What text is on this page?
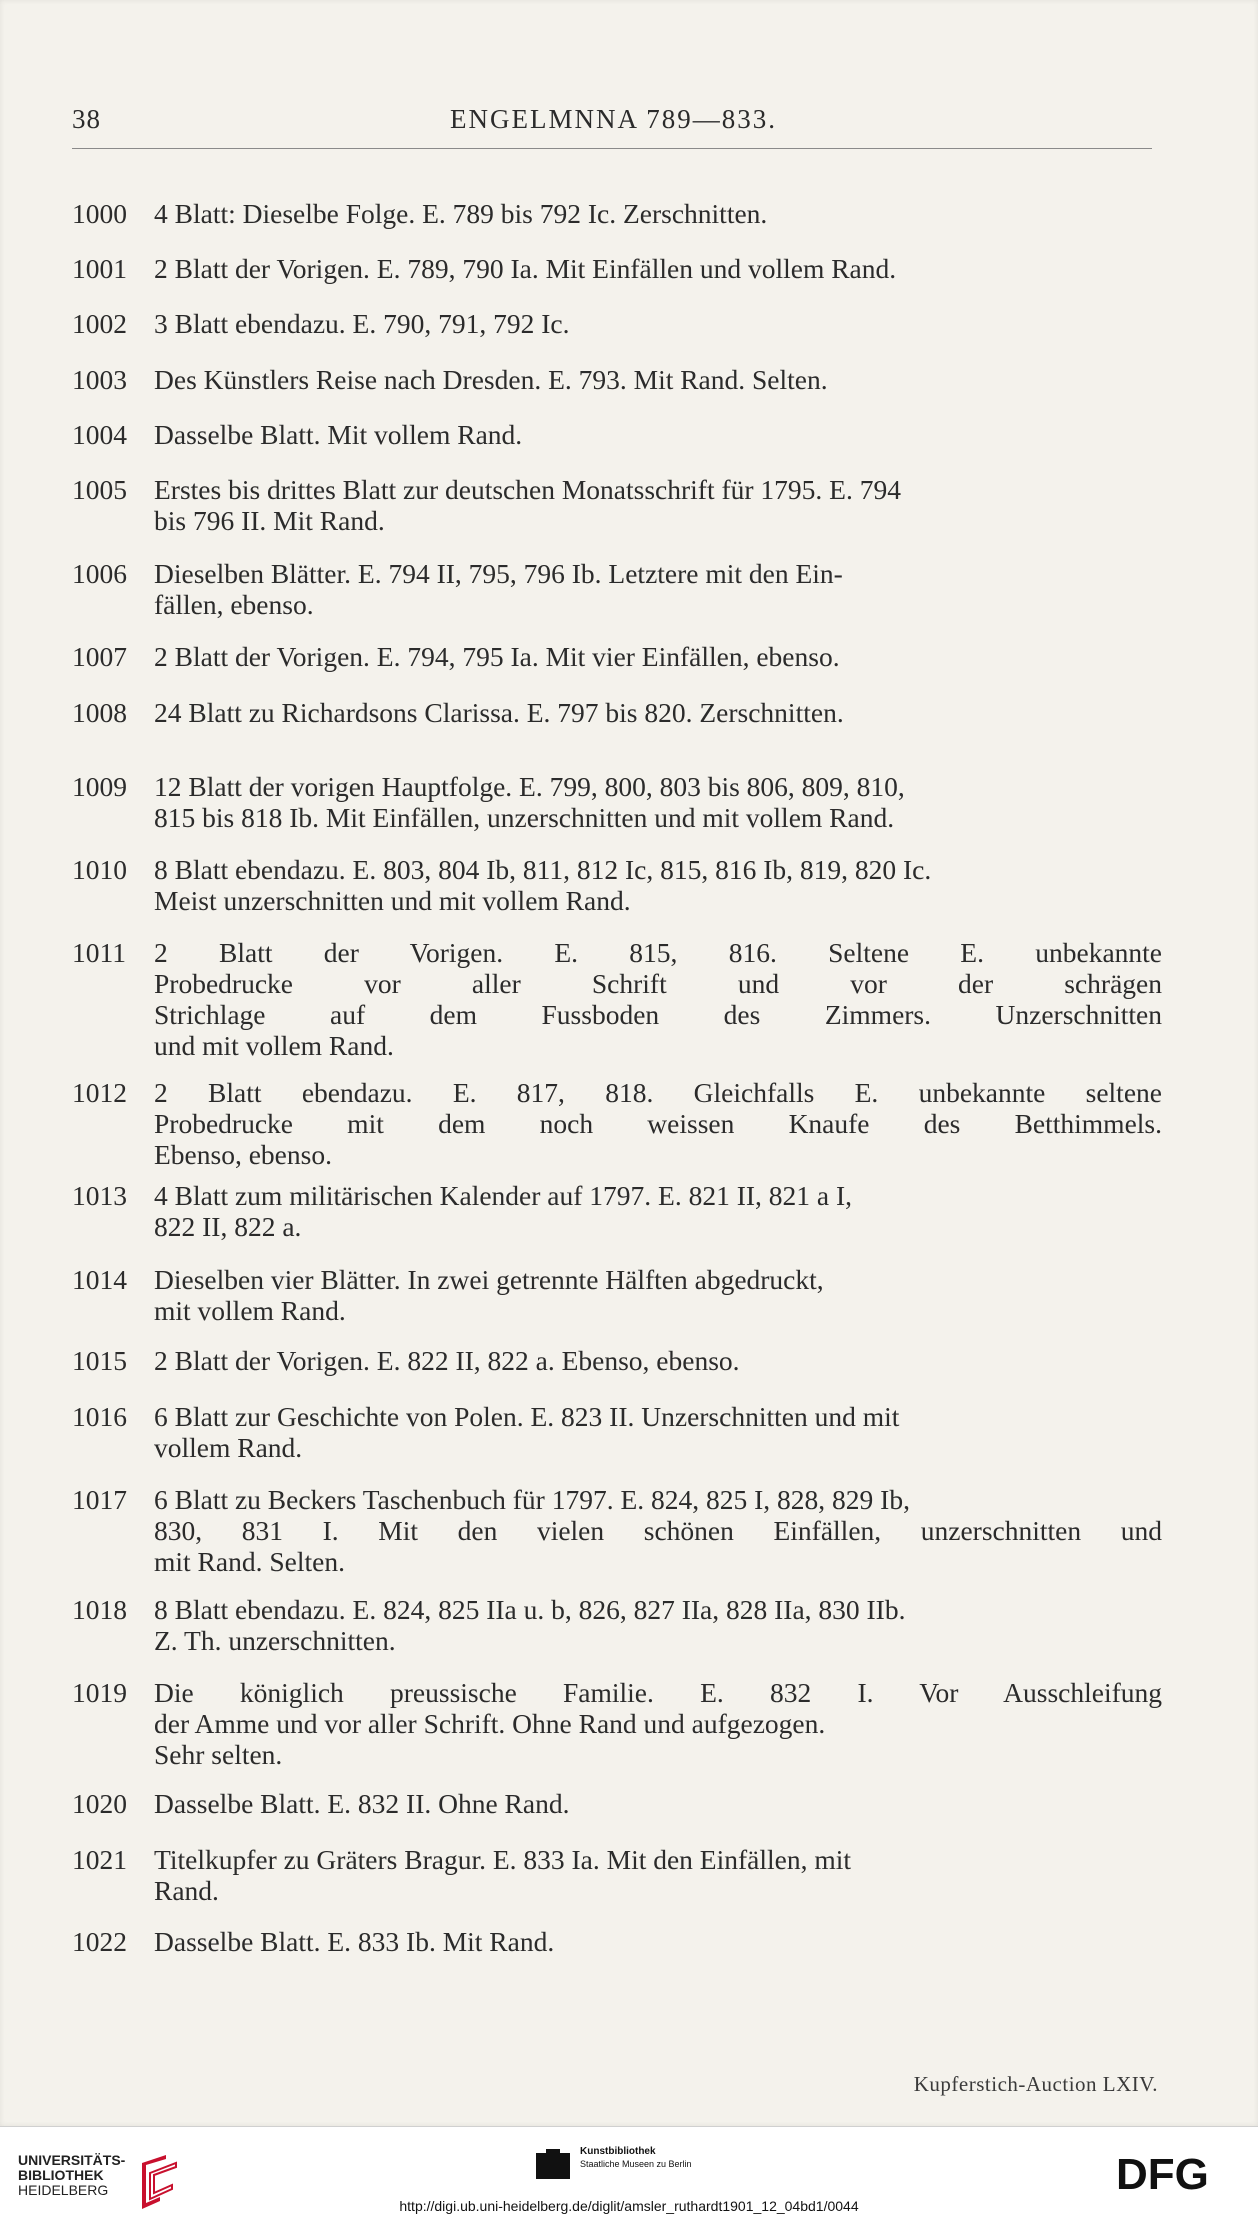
38	ENGELMNNA 789—833.
1000 4 Blatt: Dieselbe Folge. E. 789 bis 792 Ic. Zerschnitten.
1001 2 Blatt der Vorigen. E. 789, 790 Ia. Mit Einfällen und vollem Rand.
1002 3 Blatt ebendazu. E. 790, 791, 792 Ic.
1003 Des Künstlers Reise nach Dresden. E. 793. Mit Rand. Selten.
1004 Dasselbe Blatt. Mit vollem Rand.
1005 Erstes bis drittes Blatt zur deutschen Monatsschrift für 1795. E. 794
bis 796 II. Mit Rand.
1006 Dieselben Blätter. E. 794 II, 795, 796 Ib. Letztere mit den Ein-
fällen, ebenso.
1007 2 Blatt der Vorigen. E. 794, 795 Ia. Mit vier Einfällen, ebenso.
1008 24 Blatt zu Richardsons Clarissa. E. 797 bis 820. Zerschnitten.
1009 12 Blatt der vorigen Hauptfolge. E. 799, 800, 803 bis 806, 809, 810,
815 bis 818 Ib. Mit Einfällen, unzerschnitten und mit vollem Rand.
1010 8 Blatt ebendazu. E. 803, 804 Ib, 811, 812 Ic, 815, 816 Ib, 819, 820 Ic.
Meist unzerschnitten und mit vollem Rand.
1011	2 Blatt der Vorigen. E. 815, 816. Seltene E. unbekannte
Probedrucke vor aller Schrift und vor der schrägen
Strichlage auf dem Fussboden des Zimmers. Unzerschnitten
und mit vollem Rand.
1012 2 Blatt ebendazu. E. 817, 818. Gleichfalls E. unbekannte seltene
Probedrucke mit dem noch weissen Knaufe des Betthimmels.
Ebenso, ebenso.
1013 4 Blatt zum militärischen Kalender auf 1797. E. 821 II, 821 a I,
822 II, 822 a.
1014 Dieselben vier Blätter. In zwei getrennte Hälften abgedruckt,
mit vollem Rand.
1015 2 Blatt der Vorigen. E. 822 II, 822 a. Ebenso, ebenso.
1016 6 Blatt zur Geschichte von Polen. E. 823 II. Unzerschnitten und mit
vollem Rand.
1017 6 Blatt zu Beckers Taschenbuch für 1797. E. 824, 825 I, 828, 829 Ib,
830, 831 I. Mit den vielen schönen Einfällen, unzerschnitten und
mit Rand. Selten.
1018 8 Blatt ebendazu. E. 824, 825 IIa u. b, 826, 827 IIa, 828 IIa, 830 IIb.
Z. Th. unzerschnitten.
1019 Die königlich preussische Familie. E. 832 I. Vor Ausschleifung
der Amme und vor aller Schrift. Ohne Rand und aufgezogen.
Sehr selten.
1020 Dasselbe Blatt. E. 832 II. Ohne Rand.
1021 Titelkupfer zu Gräters Bragur. E. 833 Ia. Mit den Einfällen, mit
Rand.
1022 Dasselbe Blatt. E. 833 Ib. Mit Rand.
Kupferstich-Auction LXIV.
UNIVERSITÄTS-
BIBLIOTHEK
HEIDELBERG
Kunstbibliothek
Staatliche Museen zu Berlin	DFG
http://digi.ub.uni-heidelberg.de/diglit/amsler_ruthardt1901_12_04bd1/0044
